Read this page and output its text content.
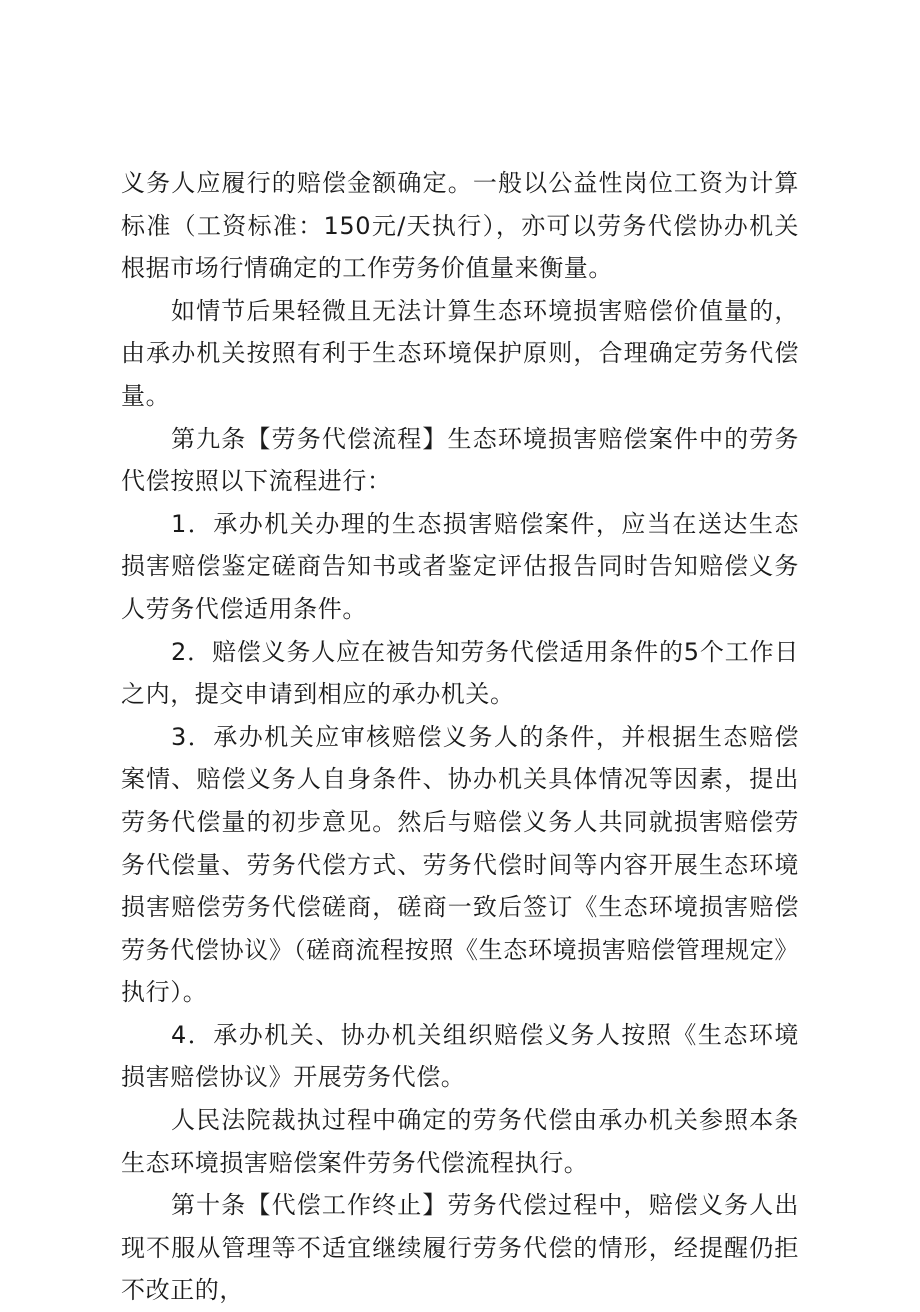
义务人应履行的赔偿金额确定。一般以公益性岗位工资为计算标准（工资标准：150元/天执行），亦可以劳务代偿协办机关根据市场行情确定的工作劳务价值量来衡量。

如情节后果轻微且无法计算生态环境损害赔偿价值量的，由承办机关按照有利于生态环境保护原则，合理确定劳务代偿量。

第九条【劳务代偿流程】生态环境损害赔偿案件中的劳务代偿按照以下流程进行：

1．承办机关办理的生态损害赔偿案件，应当在送达生态损害赔偿鉴定磋商告知书或者鉴定评估报告同时告知赔偿义务人劳务代偿适用条件。

2．赔偿义务人应在被告知劳务代偿适用条件的5个工作日之内，提交申请到相应的承办机关。

3．承办机关应审核赔偿义务人的条件，并根据生态赔偿案情、赔偿义务人自身条件、协办机关具体情况等因素，提出劳务代偿量的初步意见。然后与赔偿义务人共同就损害赔偿劳务代偿量、劳务代偿方式、劳务代偿时间等内容开展生态环境损害赔偿劳务代偿磋商，磋商一致后签订《生态环境损害赔偿劳务代偿协议》（磋商流程按照《生态环境损害赔偿管理规定》执行）。

4．承办机关、协办机关组织赔偿义务人按照《生态环境损害赔偿协议》开展劳务代偿。

人民法院裁执过程中确定的劳务代偿由承办机关参照本条生态环境损害赔偿案件劳务代偿流程执行。

第十条【代偿工作终止】劳务代偿过程中，赔偿义务人出现不服从管理等不适宜继续履行劳务代偿的情形，经提醒仍拒不改正的，
